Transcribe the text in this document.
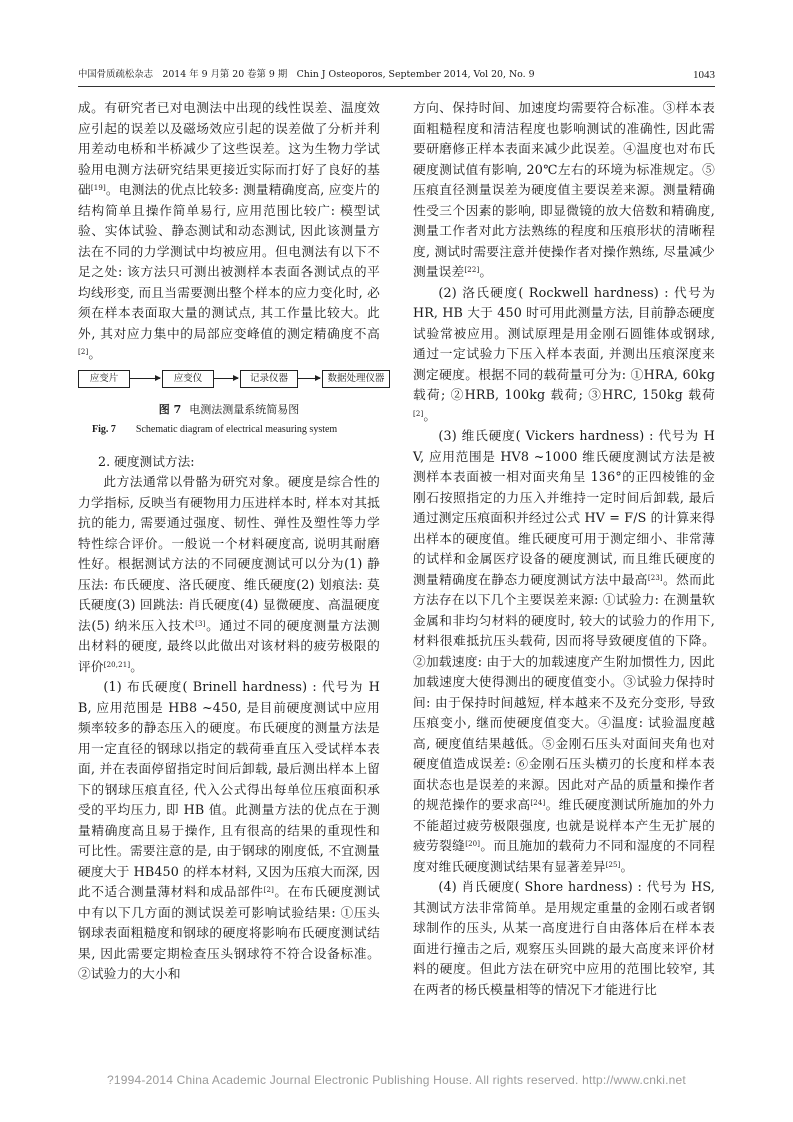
中国骨质疏松杂志　2014 年 9 月第 20 卷第 9 期　Chin J Osteoporos, September 2014, Vol 20, No. 9	1043

成。有研究者已对电测法中出现的线性误差、温度效应引起的误差以及磁场效应引起的误差做了分析并利用差动电桥和半桥减少了这些误差。这为生物力学试验用电测方法研究结果更接近实际而打好了良好的基础[19]。电测法的优点比较多: 测量精确度高, 应变片的结构简单且操作简单易行, 应用范围比较广: 模型试验、实体试验、静态测试和动态测试, 因此该测量方法在不同的力学测试中均被应用。但电测法有以下不足之处: 该方法只可测出被测样本表面各测试点的平均线形变, 而且当需要测出整个样本的应力变化时, 必须在样本表面取大量的测试点, 其工作量比较大。此外, 其对应力集中的局部应变峰值的测定精确度不高[2]。

应变片	应变仪	记录仪器	数据处理仪器
图 7 电测法测量系统简易图
Fig. 7 Schematic diagram of electrical measuring system
2. 硬度测试方法:

此方法通常以骨骼为研究对象。硬度是综合性的力学指标, 反映当有硬物用力压进样本时, 样本对其抵抗的能力, 需要通过强度、韧性、弹性及塑性等力学特性综合评价。一般说一个材料硬度高, 说明其耐磨性好。根据测试方法的不同硬度测试可以分为(1) 静压法: 布氏硬度、洛氏硬度、维氏硬度(2) 划痕法: 莫氏硬度(3) 回跳法: 肖氏硬度(4) 显微硬度、高温硬度法(5) 纳米压入技术[3]。通过不同的硬度测量方法测出材料的硬度, 最终以此做出对该材料的疲劳极限的评价[20,21]。

(1) 布氏硬度( Brinell hardness) : 代号为 HB, 应用范围是 HB8 ~450, 是目前硬度测试中应用频率较多的静态压入的硬度。布氏硬度的测量方法是用一定直径的钢球以指定的载荷垂直压入受试样本表面, 并在表面停留指定时间后卸载, 最后测出样本上留下的钢球压痕直径, 代入公式得出每单位压痕面积承受的平均压力, 即 HB 值。此测量方法的优点在于测量精确度高且易于操作, 且有很高的结果的重现性和可比性。需要注意的是, 由于钢球的刚度低, 不宜测量硬度大于 HB450 的样本材料, 又因为压痕大而深, 因此不适合测量薄材料和成品部件[2]。在布氏硬度测试中有以下几方面的测试误差可影响试验结果: ①压头钢球表面粗糙度和钢球的硬度将影响布氏硬度测试结果, 因此需要定期检查压头钢球符不符合设备标准。②试验力的大小和

方向、保持时间、加速度均需要符合标准。③样本表面粗糙程度和清洁程度也影响测试的准确性, 因此需要研磨修正样本表面来减少此误差。④温度也对布氏硬度测试值有影响, 20℃左右的环境为标准规定。⑤压痕直径测量误差为硬度值主要误差来源。测量精确性受三个因素的影响, 即显微镜的放大倍数和精确度, 测量工作者对此方法熟练的程度和压痕形状的清晰程度, 测试时需要注意并使操作者对操作熟练, 尽量减少测量误差[22]。

(2) 洛氏硬度( Rockwell hardness) : 代号为 HR, HB 大于 450 时可用此测量方法, 目前静态硬度试验常被应用。测试原理是用金刚石圆锥体或钢球, 通过一定试验力下压入样本表面, 并测出压痕深度来测定硬度。根据不同的载荷量可分为: ①HRA, 60kg 载荷; ②HRB, 100kg 载荷; ③HRC, 150kg 载荷[2]。

(3) 维氏硬度( Vickers hardness) : 代号为 HV, 应用范围是 HV8 ~1000 维氏硬度测试方法是被测样本表面被一相对面夹角呈 136°的正四棱锥的金刚石按照指定的力压入并维持一定时间后卸载, 最后通过测定压痕面积并经过公式 HV = F/S 的计算来得出样本的硬度值。维氏硬度可用于测定细小、非常薄的试样和金属医疗设备的硬度测试, 而且维氏硬度的测量精确度在静态力硬度测试方法中最高[23]。然而此方法存在以下几个主要误差来源: ①试验力: 在测量软金属和非均匀材料的硬度时, 较大的试验力的作用下, 材料很难抵抗压头载荷, 因而将导致硬度值的下降。②加载速度: 由于大的加载速度产生附加惯性力, 因此加载速度大使得测出的硬度值变小。③试验力保持时间: 由于保持时间越短, 样本越来不及充分变形, 导致压痕变小, 继而使硬度值变大。④温度: 试验温度越高, 硬度值结果越低。⑤金刚石压头对面间夹角也对硬度值造成误差: ⑥金刚石压头横刃的长度和样本表面状态也是误差的来源。因此对产品的质量和操作者的规范操作的要求高[24]。维氏硬度测试所施加的外力不能超过疲劳极限强度, 也就是说样本产生无扩展的疲劳裂缝[20]。而且施加的载荷力不同和湿度的不同程度对维氏硬度测试结果有显著差异[25]。

(4) 肖氏硬度( Shore hardness) : 代号为 HS, 其测试方法非常简单。是用规定重量的金刚石或者钢球制作的压头, 从某一高度进行自由落体后在样本表面进行撞击之后, 观察压头回跳的最大高度来评价材料的硬度。但此方法在研究中应用的范围比较窄, 其在两者的杨氏模量相等的情况下才能进行比

?1994-2014 China Academic Journal Electronic Publishing House. All rights reserved. http://www.cnki.net
